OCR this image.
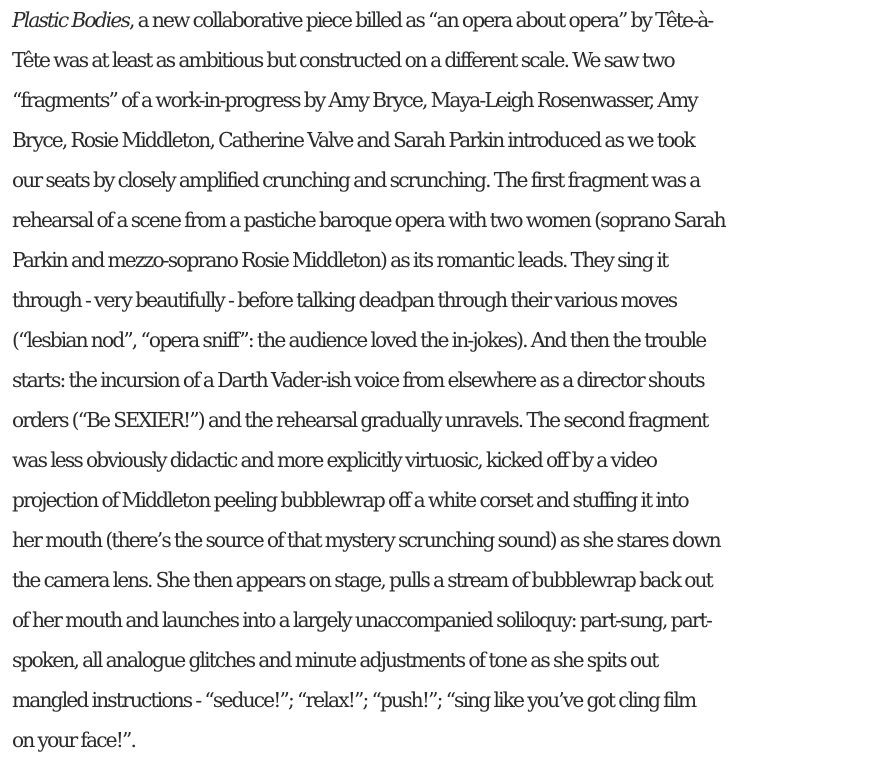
Plastic Bodies, a new collaborative piece billed as “an opera about opera” by Tête-à-
Tête was at least as ambitious but constructed on a different scale. We saw two
“fragments” of a work-in-progress by Amy Bryce, Maya-Leigh Rosenwasser, Amy
Bryce, Rosie Middleton, Catherine Valve and Sarah Parkin introduced as we took
our seats by closely amplified crunching and scrunching. The first fragment was a
rehearsal of a scene from a pastiche baroque opera with two women (soprano Sarah
Parkin and mezzo-soprano Rosie Middleton) as its romantic leads. They sing it
through - very beautifully - before talking deadpan through their various moves
(“lesbian nod”, “opera sniff”: the audience loved the in-jokes). And then the trouble
starts: the incursion of a Darth Vader-ish voice from elsewhere as a director shouts
orders (“Be SEXIER!”) and the rehearsal gradually unravels. The second fragment
was less obviously didactic and more explicitly virtuosic, kicked off by a video
projection of Middleton peeling bubblewrap off a white corset and stuffing it into
her mouth (there’s the source of that mystery scrunching sound) as she stares down
the camera lens. She then appears on stage, pulls a stream of bubblewrap back out
of her mouth and launches into a largely unaccompanied soliloquy: part-sung, part-
spoken, all analogue glitches and minute adjustments of tone as she spits out
mangled instructions - “seduce!”; “relax!”; “push!”; “sing like you’ve got cling film
on your face!”.
